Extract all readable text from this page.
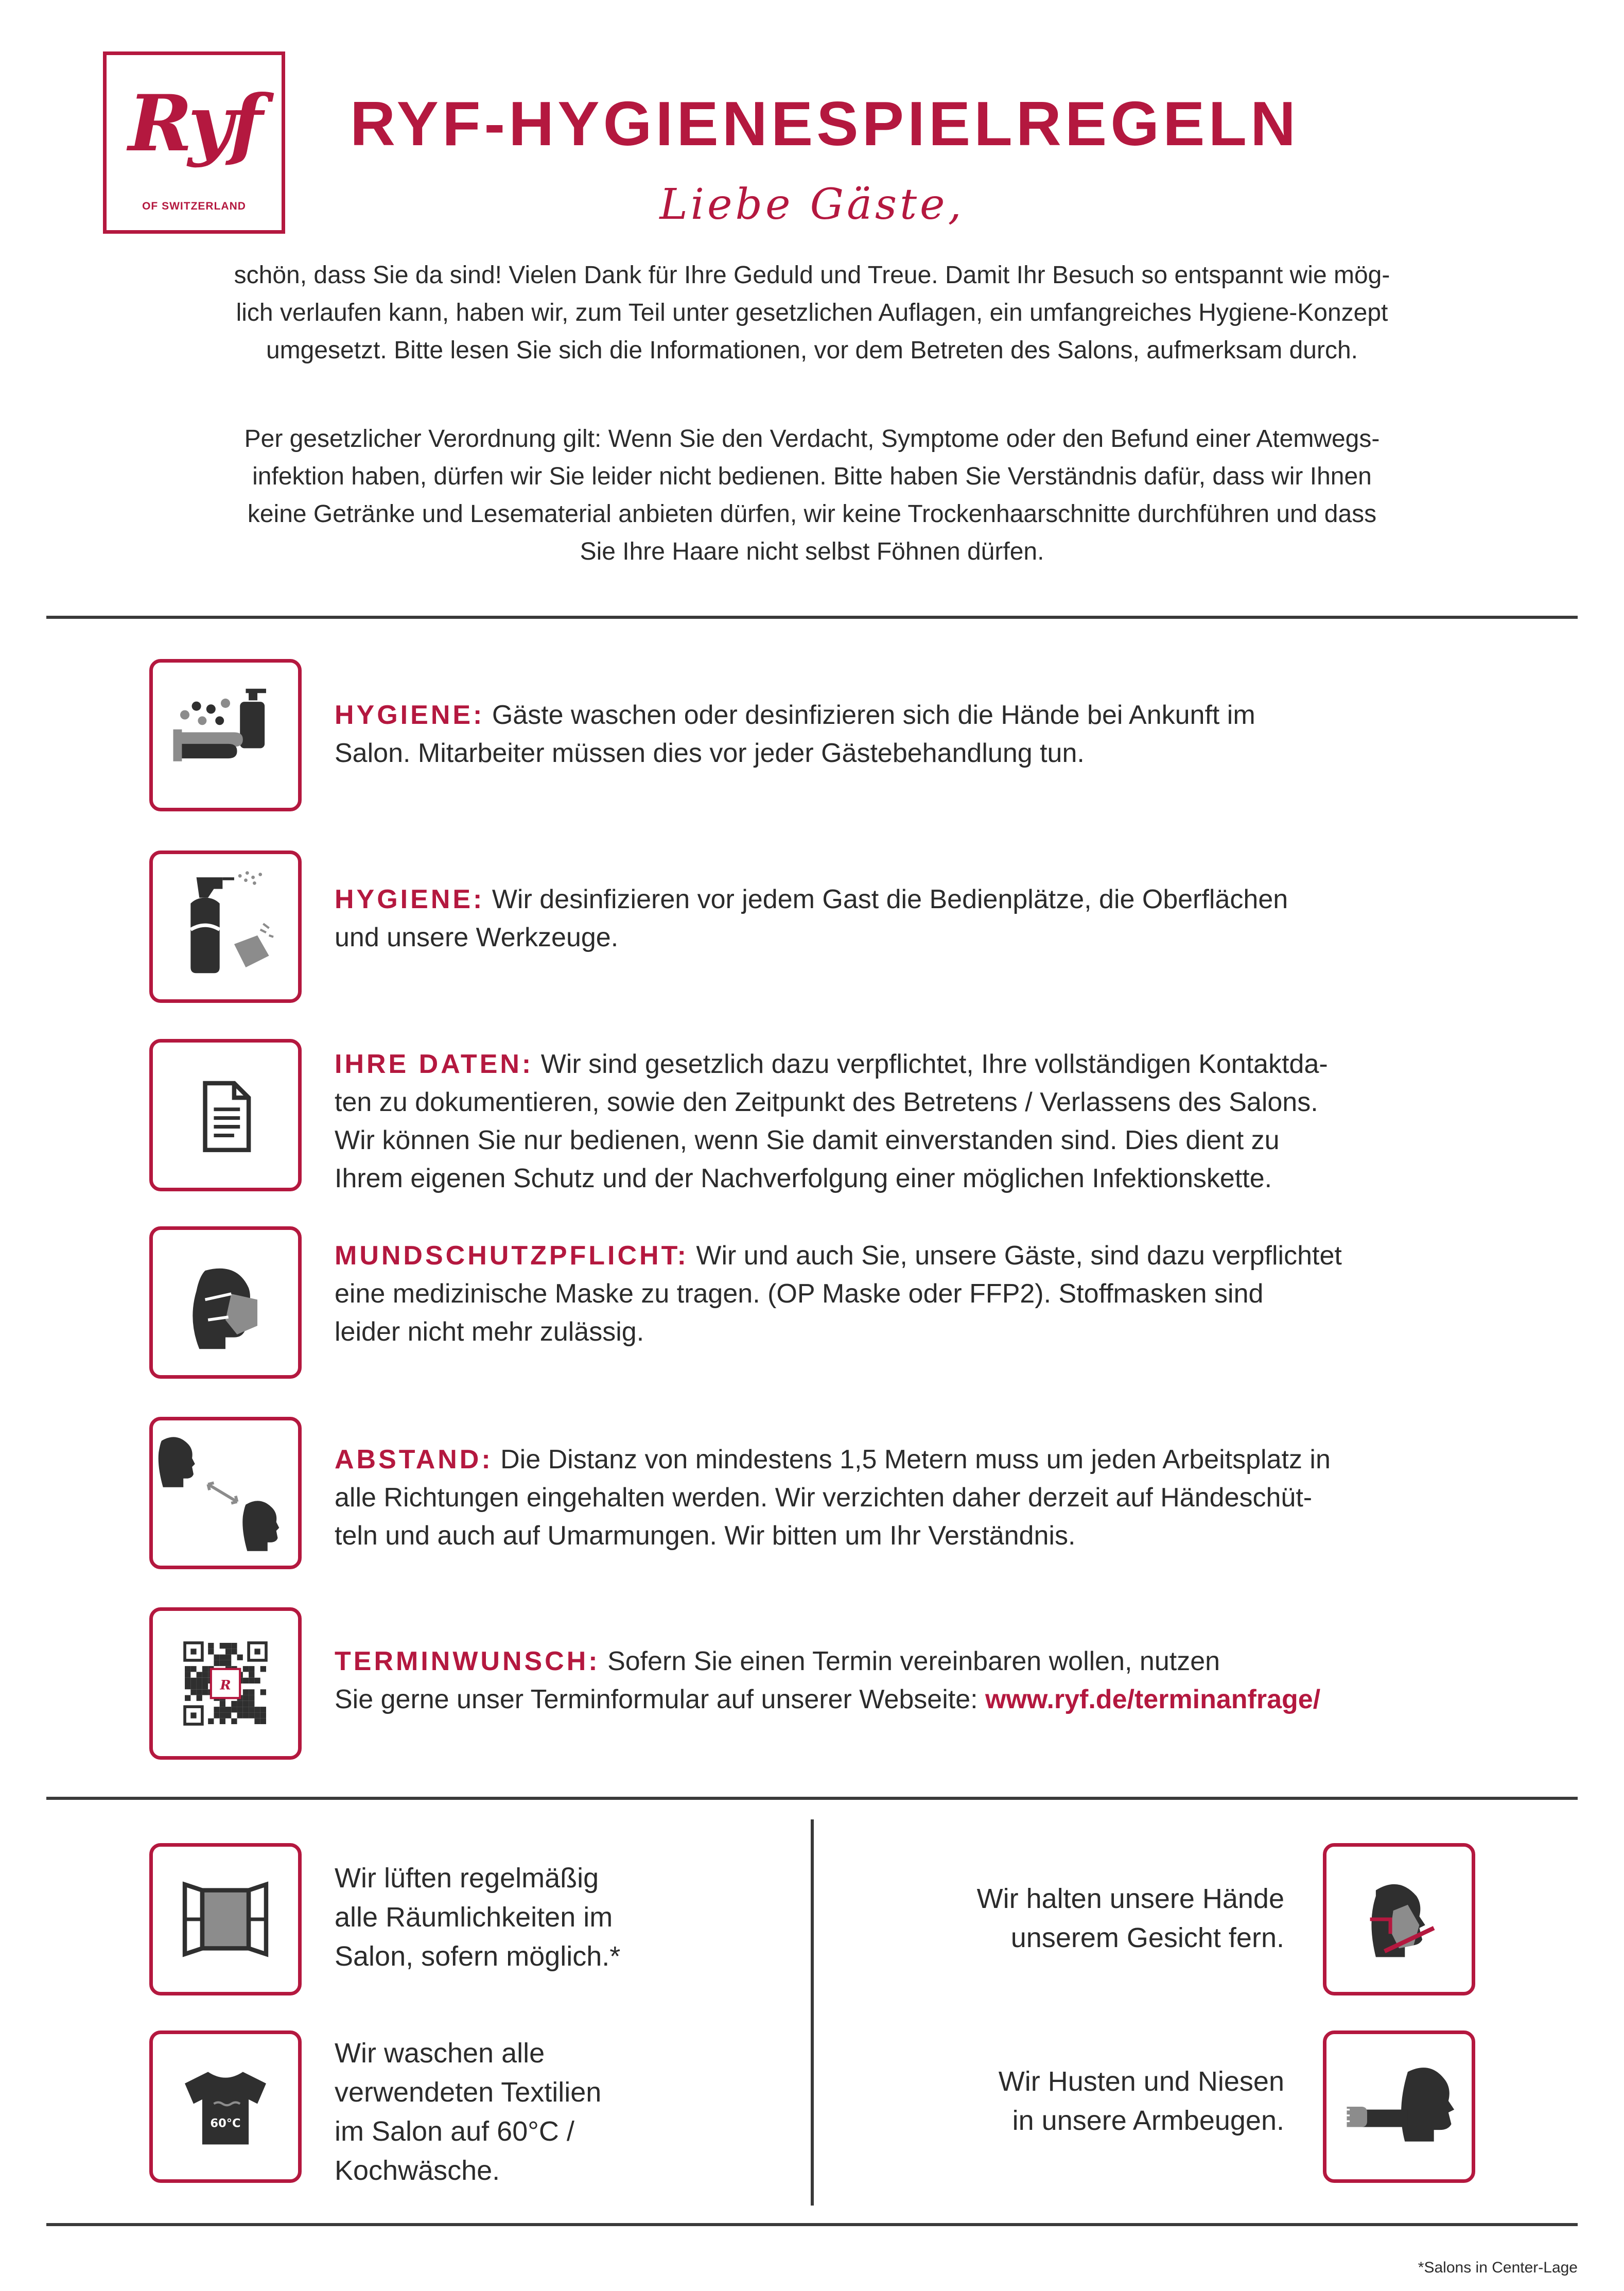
Ryf
OF SWITZERLAND
RYF-HYGIENESPIELREGELN
Liebe Gäste,

schön, dass Sie da sind! Vielen Dank für Ihre Geduld und Treue. Damit Ihr Besuch so entspannt wie mög-

lich verlaufen kann, haben wir, zum Teil unter gesetzlichen Auflagen, ein umfangreiches Hygiene-Konzept

umgesetzt. Bitte lesen Sie sich die Informationen, vor dem Betreten des Salons, aufmerksam durch.

Per gesetzlicher Verordnung gilt: Wenn Sie den Verdacht, Symptome oder den Befund einer Atemwegs-

infektion haben, dürfen wir Sie leider nicht bedienen. Bitte haben Sie Verständnis dafür, dass wir Ihnen

keine Getränke und Lesematerial anbieten dürfen, wir keine Trockenhaarschnitte durchführen und dass

Sie Ihre Haare nicht selbst Föhnen dürfen.

HYGIENE: Gäste waschen oder desinfizieren sich die Hände bei Ankunft im
Salon. Mitarbeiter müssen dies vor jeder Gästebehandlung tun.
HYGIENE: Wir desinfizieren vor jedem Gast die Bedienplätze, die Oberflächen
und unsere Werkzeuge.
IHRE DATEN: Wir sind gesetzlich dazu verpflichtet, Ihre vollständigen Kontaktda-
ten zu dokumentieren, sowie den Zeitpunkt des Betretens / Verlassens des Salons.
Wir können Sie nur bedienen, wenn Sie damit einverstanden sind. Dies dient zu
Ihrem eigenen Schutz und der Nachverfolgung einer möglichen Infektionskette.
MUNDSCHUTZPFLICHT: Wir und auch Sie, unsere Gäste, sind dazu verpflichtet
eine medizinische Maske zu tragen. (OP Maske oder FFP2). Stoffmasken sind
leider nicht mehr zulässig.
ABSTAND: Die Distanz von mindestens 1,5 Metern muss um jeden Arbeitsplatz in
alle Richtungen eingehalten werden. Wir verzichten daher derzeit auf Händeschüt-
teln und auch auf Umarmungen. Wir bitten um Ihr Verständnis.
R
TERMINWUNSCH: Sofern Sie einen Termin vereinbaren wollen, nutzen
Sie gerne unser Terminformular auf unserer Webseite: www.ryf.de/terminanfrage/
Wir lüften regelmäßig
alle Räumlichkeiten im
Salon, sofern möglich.*
60°C
Wir waschen alle
verwendeten Textilien
im Salon auf 60°C /
Kochwäsche.
Wir halten unsere Hände
unserem Gesicht fern.
Wir Husten und Niesen
in unsere Armbeugen.
*Salons in Center-Lage
